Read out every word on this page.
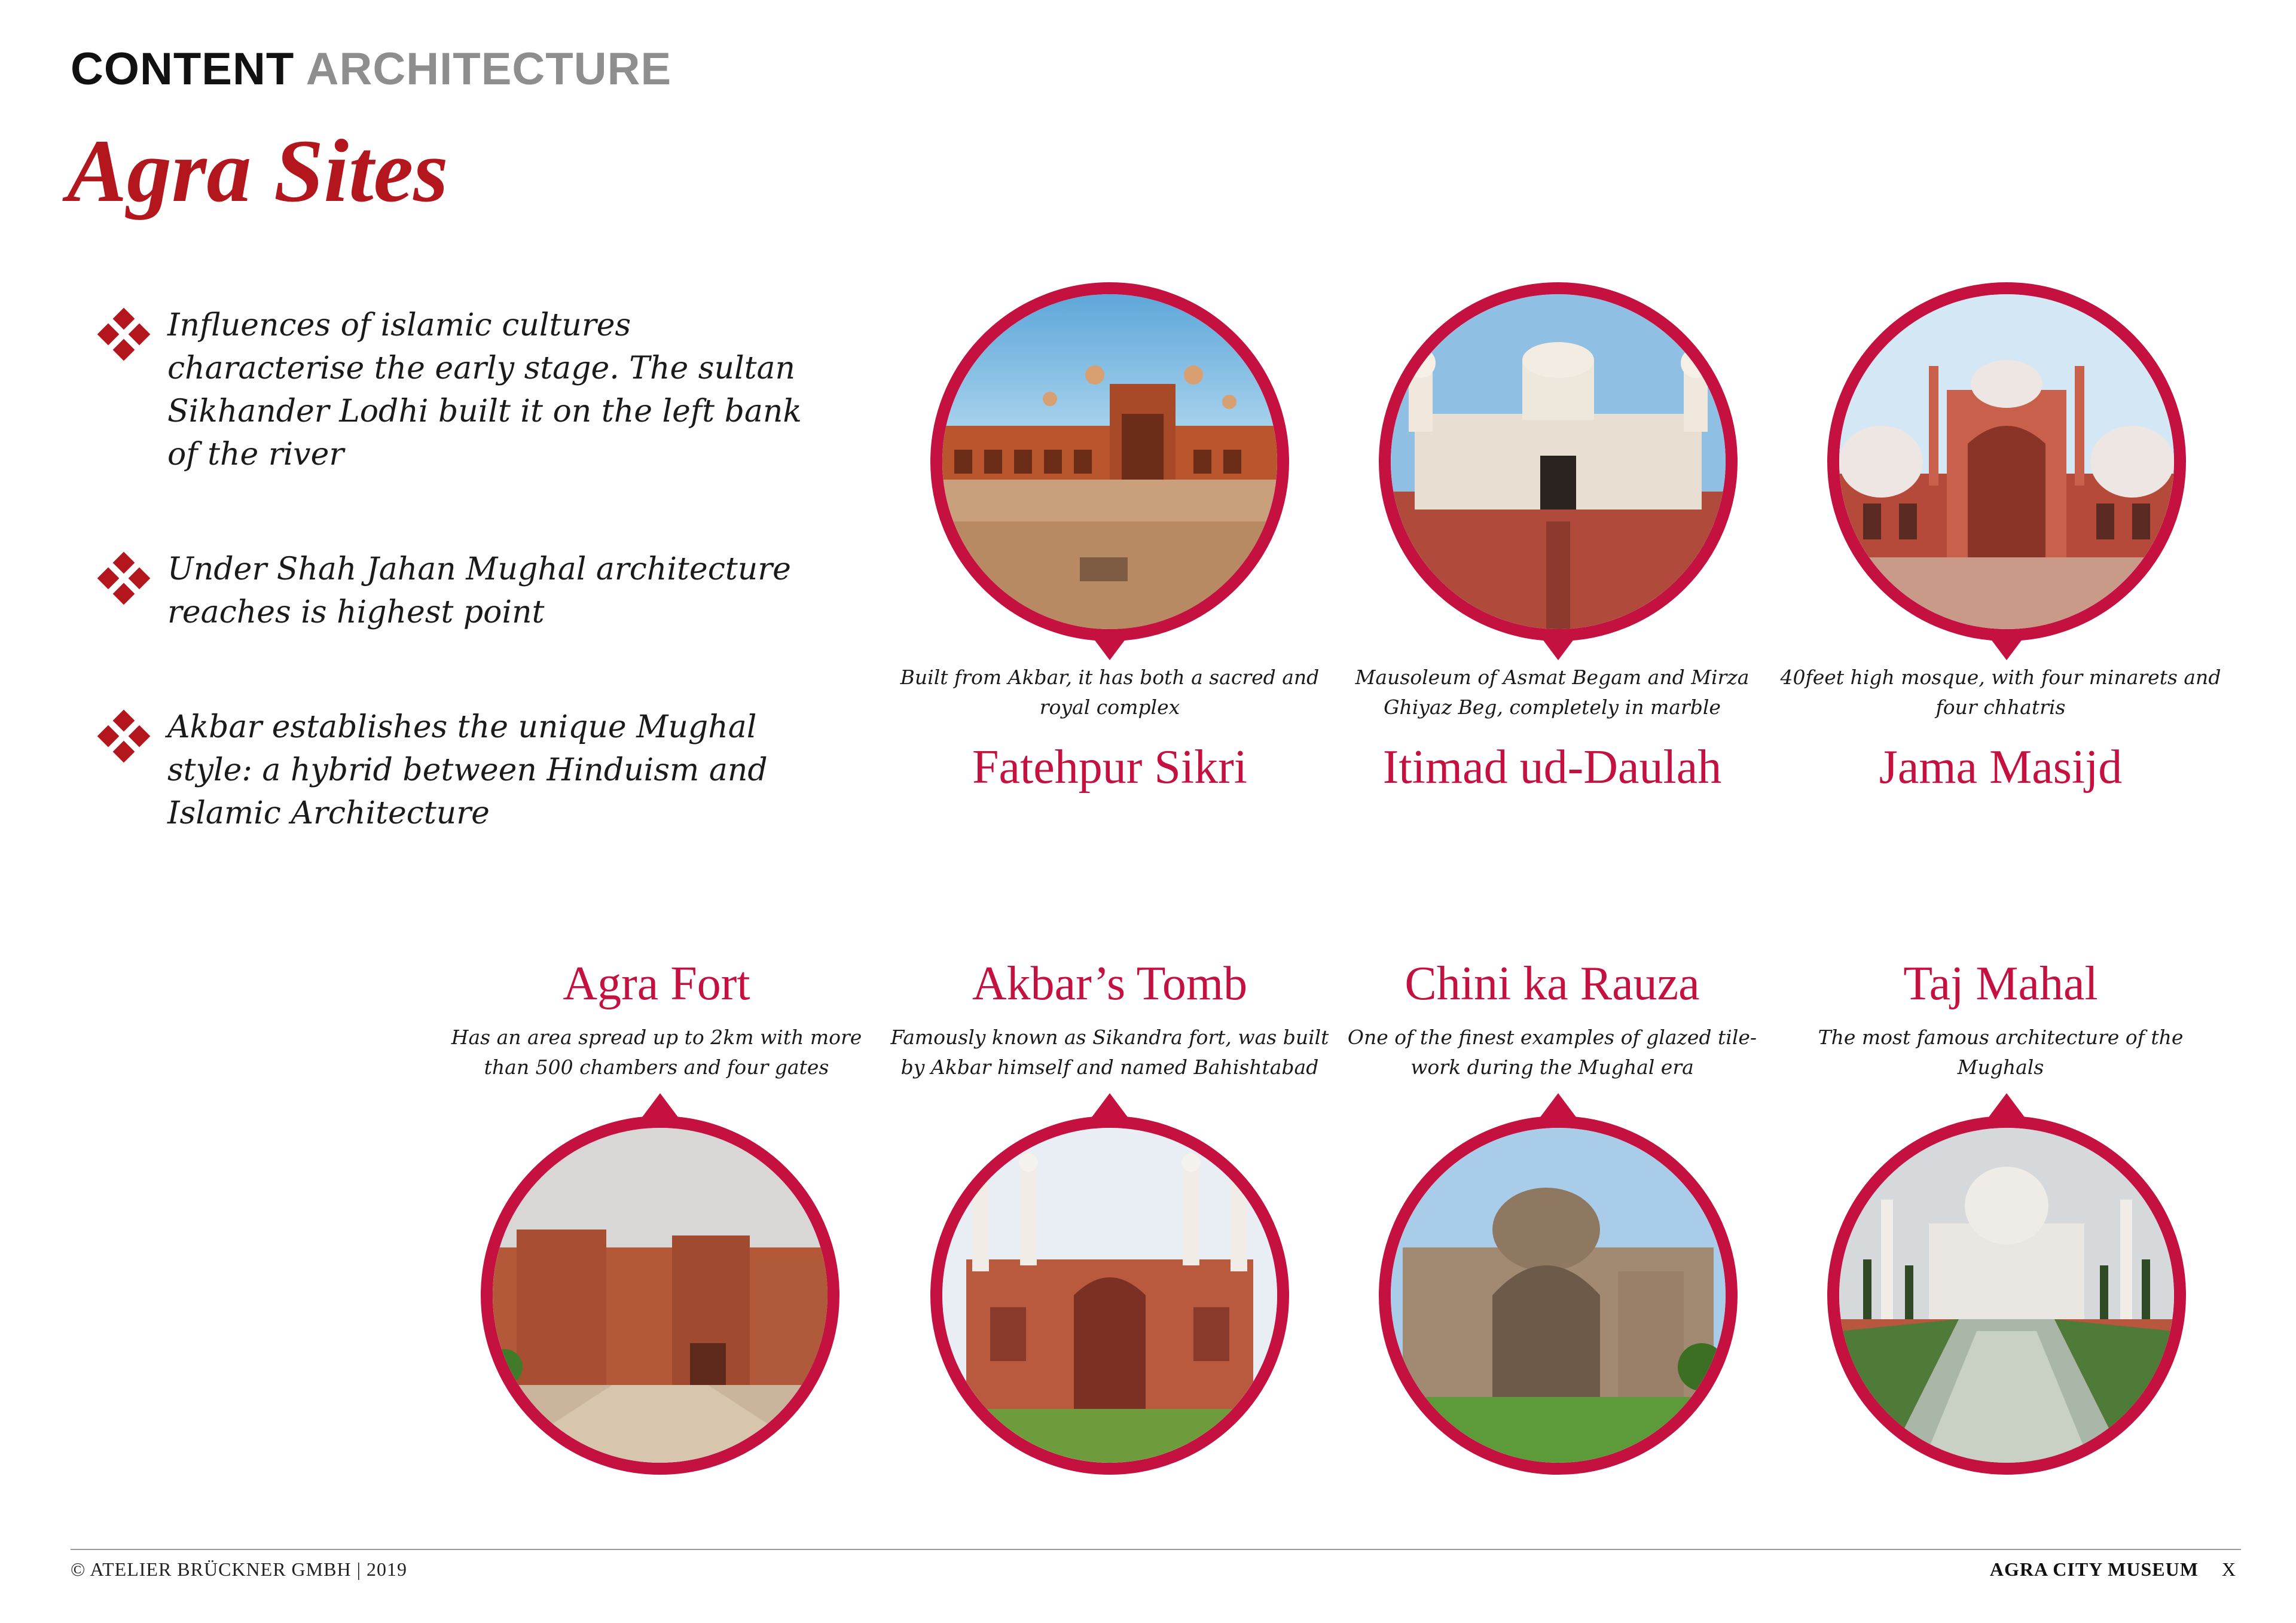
CONTENT ARCHITECTURE
Agra Sites
Influences of islamic cultures characterise the early stage. The sultan Sikhander Lodhi built it on the left bank of the river
Under Shah Jahan Mughal architecture reaches is highest point
Akbar establishes the unique Mughal style: a hybrid between Hinduism and Islamic Architecture
Built from Akbar, it has both a sacred and royal complex
Fatehpur Sikri
Mausoleum of Asmat Begam and Mirza Ghiyaz Beg, completely in marble
Itimad ud-Daulah
40feet high mosque, with four minarets and four chhatris
Jama Masijd
Agra Fort
Has an area spread up to 2km with more than 500 chambers and four gates
Akbar’s Tomb
Famously known as Sikandra fort, was built by Akbar himself and named Bahishtabad
Chini ka Rauza
One of the finest examples of glazed tile-work during the Mughal era
Taj Mahal
The most famous architecture of the Mughals
© ATELIER BRÜCKNER GMBH | 2019	AGRA CITY MUSEUM X
